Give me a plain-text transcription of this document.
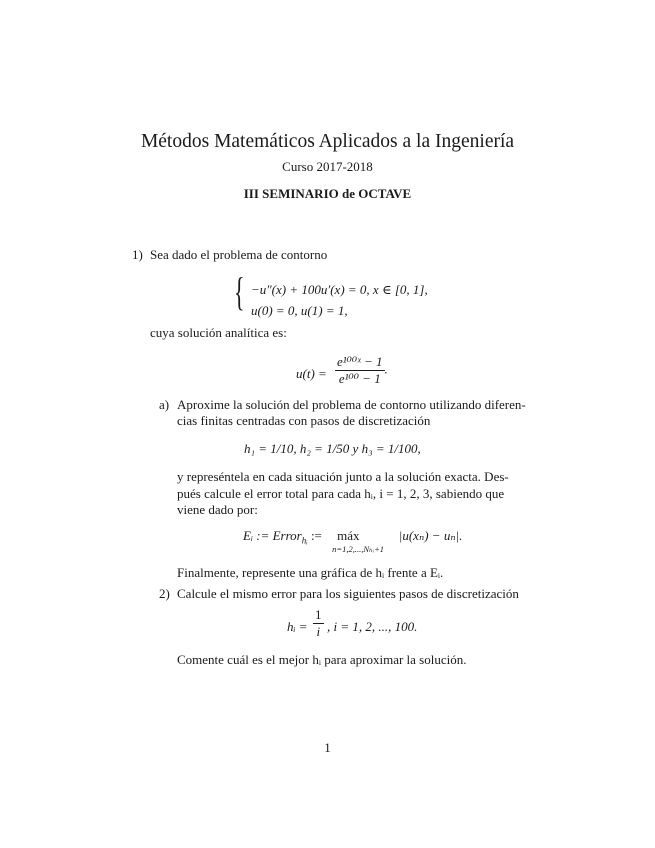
Métodos Matemáticos Aplicados a la Ingeniería
Curso 2017-2018
III SEMINARIO de OCTAVE
1) Sea dado el problema de contorno
{ −u″(x) + 100u′(x) = 0, x ∈ [0, 1],
u(0) = 0, u(1) = 1,
cuya solución analítica es:
$u(t) = \frac{\text{e¹⁰⁰ˣ − 1}}{\text{e¹⁰⁰ − 1}}$ .
a) Aproxime la solución del problema de contorno utilizando diferen-
cias finitas centradas con pasos de discretización
h₁ = 1/10, h₂ = 1/50 y h₃ = 1/100,
y represéntela en cada situación junto a la solución exacta. Des-
pués calcule el error total para cada hᵢ, i = 1, 2, 3, sabiendo que
viene dado por:
Eᵢ := Error$_{hᵢ}$ := máx
n=1,2,...,Nₕᵢ+1
|u(xₙ) − uₙ|.
Finalmente, represente una gráfica de hᵢ frente a Eᵢ.
2) Calcule el mismo error para los siguientes pasos de discretización
hᵢ = $\frac{1}{i}$ , i = 1, 2, ..., 100.
Comente cuál es el mejor hᵢ para aproximar la solución.
1
